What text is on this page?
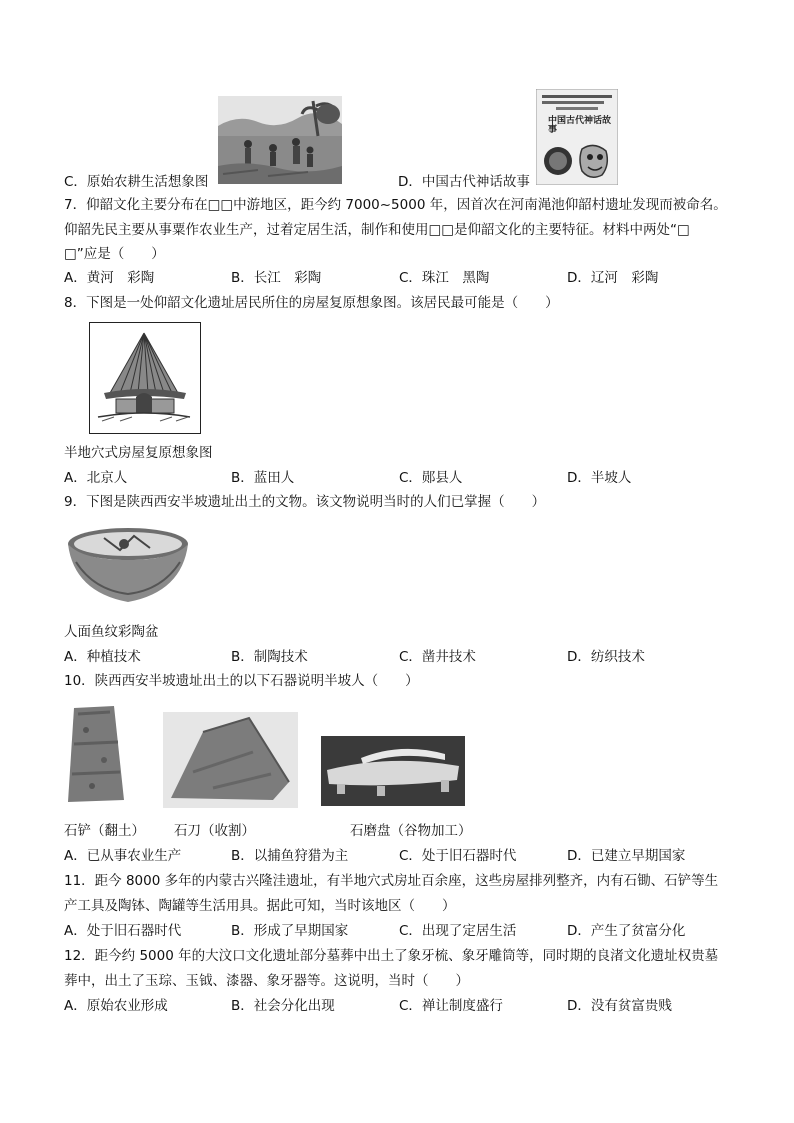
C．原始农耕生活想象图
中国古代神话故事
D．中国古代神话故事
7．仰韶文化主要分布在□□中游地区，距今约 7000~5000 年，因首次在河南渑池仰韶村遗址发现而被命名。
仰韶先民主要从事粟作农业生产，过着定居生活，制作和使用□□是仰韶文化的主要特征。材料中两处“□
□”应是（　　）
A．黄河　彩陶	B．长江　彩陶	C．珠江　黑陶	D．辽河　彩陶
8．下图是一处仰韶文化遗址居民所住的房屋复原想象图。该居民最可能是（　　）
半地穴式房屋复原想象图
A．北京人	B．蓝田人	C．郧县人	D．半坡人
9．下图是陕西西安半坡遗址出土的文物。该文物说明当时的人们已掌握（　　）
人面鱼纹彩陶盆
A．种植技术	B．制陶技术	C．凿井技术	D．纺织技术
10．陕西西安半坡遗址出土的以下石器说明半坡人（　　）
石铲（翻土） 石刀（收割）	石磨盘（谷物加工）
A．已从事农业生产	B．以捕鱼狩猎为主	C．处于旧石器时代	D．已建立早期国家
11．距今 8000 多年的内蒙古兴隆洼遗址，有半地穴式房址百余座，这些房屋排列整齐，内有石锄、石铲等生
产工具及陶钵、陶罐等生活用具。据此可知，当时该地区（　　）
A．处于旧石器时代	B．形成了早期国家	C．出现了定居生活	D．产生了贫富分化
12．距今约 5000 年的大汶口文化遗址部分墓葬中出土了象牙梳、象牙雕筒等，同时期的良渚文化遗址权贵墓
葬中，出土了玉琮、玉钺、漆器、象牙器等。这说明，当时（　　）
A．原始农业形成	B．社会分化出现	C．禅让制度盛行	D．没有贫富贵贱
